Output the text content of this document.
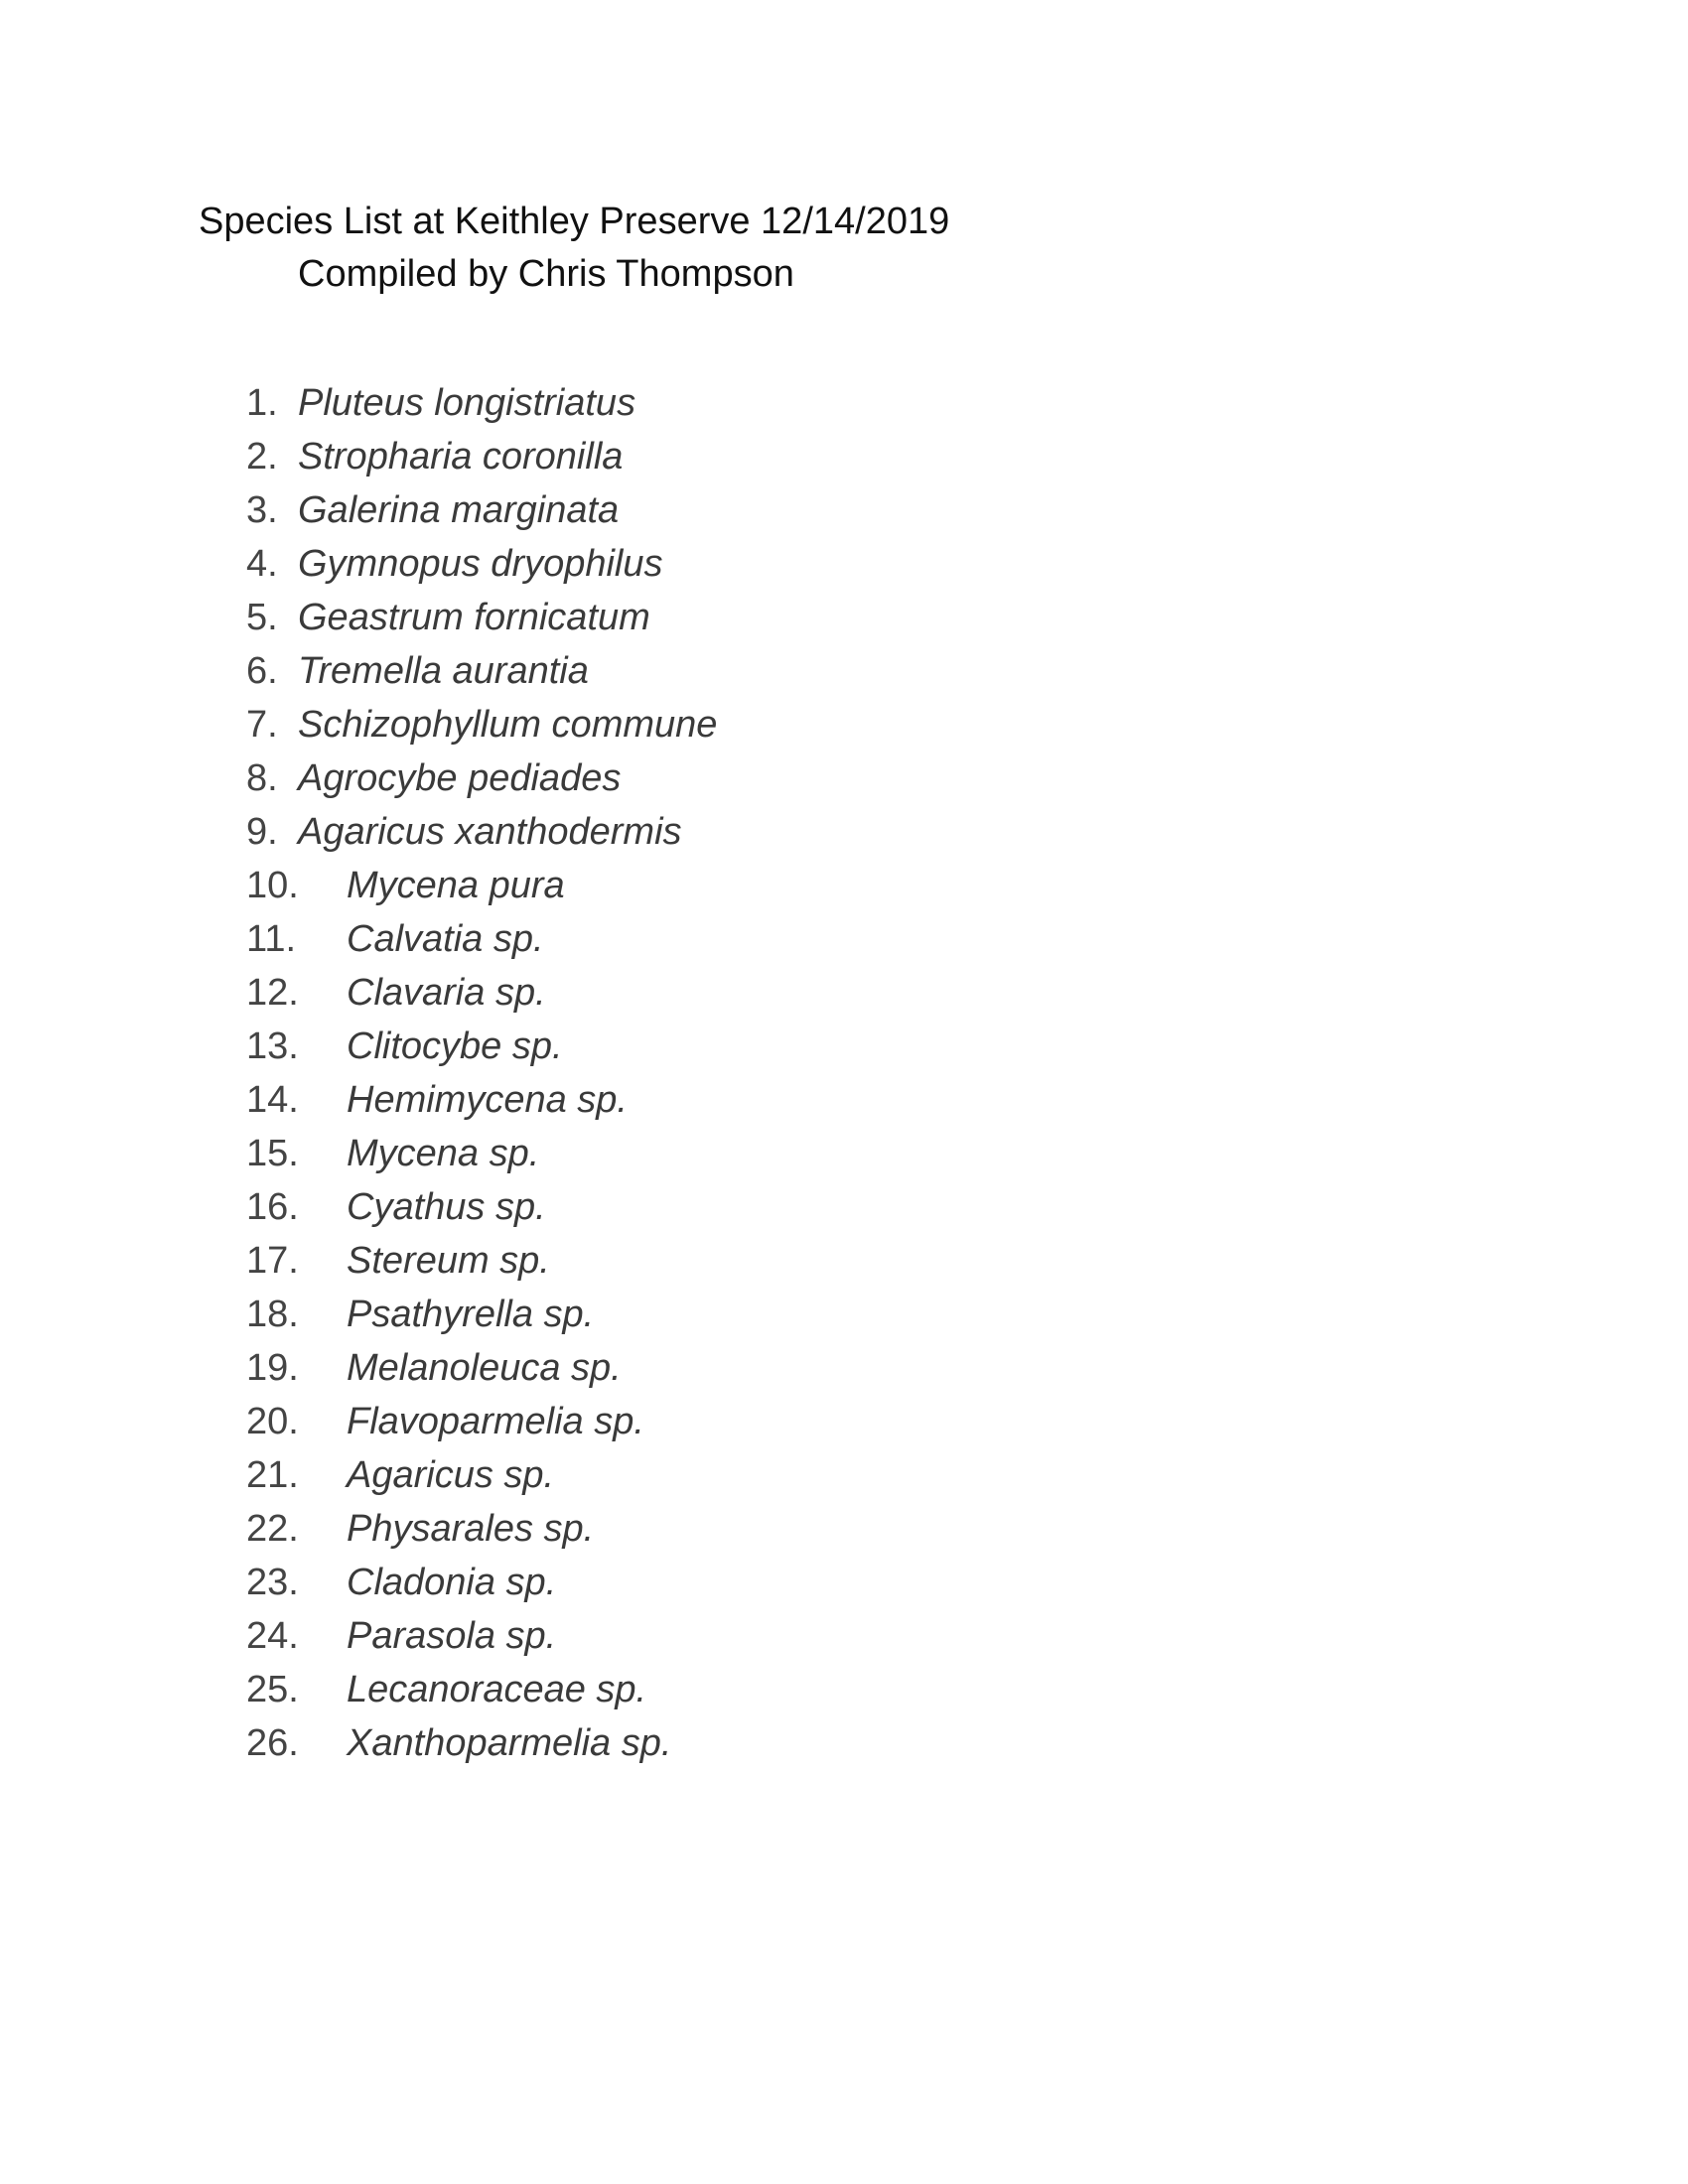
Species List at Keithley Preserve 12/14/2019
Compiled by Chris Thompson
1. Pluteus longistriatus
2. Stropharia coronilla
3. Galerina marginata
4. Gymnopus dryophilus
5. Geastrum fornicatum
6. Tremella aurantia
7. Schizophyllum commune
8. Agrocybe pediades
9. Agaricus xanthodermis
10. Mycena pura
11. Calvatia sp.
12. Clavaria sp.
13. Clitocybe sp.
14. Hemimycena sp.
15. Mycena sp.
16. Cyathus sp.
17. Stereum sp.
18. Psathyrella sp.
19. Melanoleuca sp.
20. Flavoparmelia sp.
21. Agaricus sp.
22. Physarales sp.
23. Cladonia sp.
24. Parasola sp.
25. Lecanoraceae sp.
26. Xanthoparmelia sp.
